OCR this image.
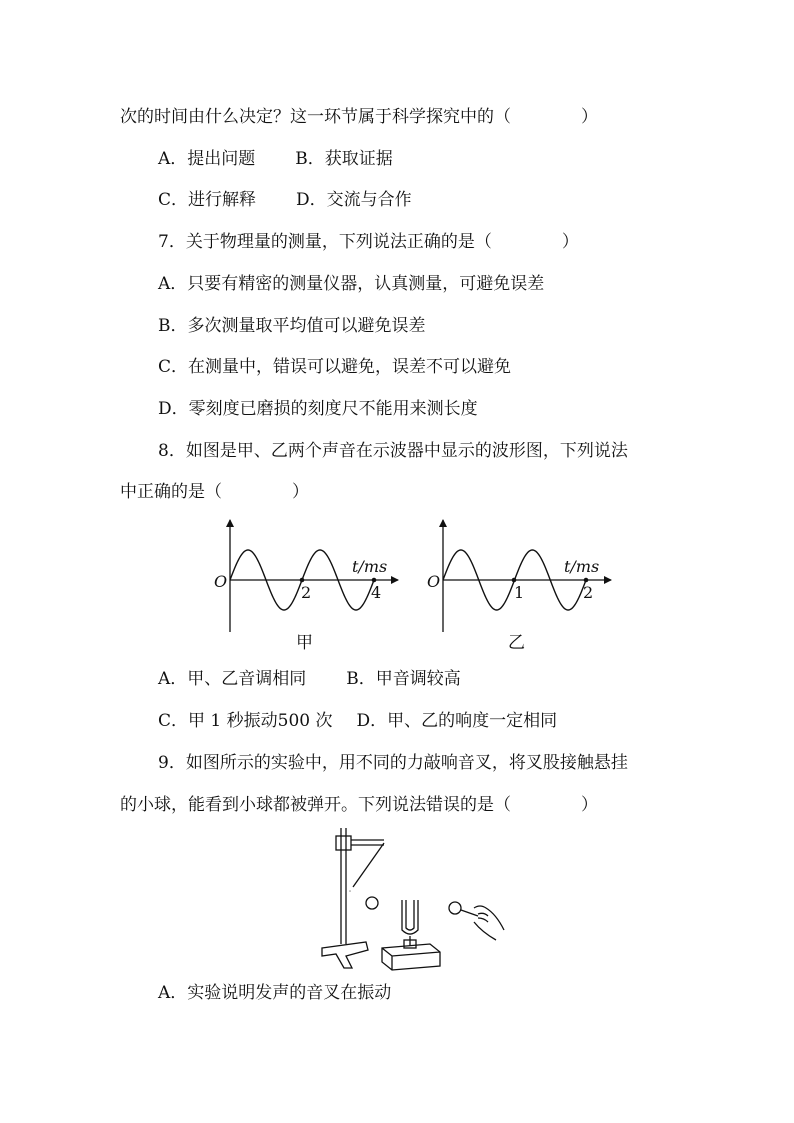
次的时间由什么决定？这一环节属于科学探究中的（	）
A．提出问题 B．获取证据
C．进行解释 D．交流与合作
7．关于物理量的测量，下列说法正确的是（	）
A．只要有精密的测量仪器，认真测量，可避免误差
B．多次测量取平均值可以避免误差
C．在测量中，错误可以避免，误差不可以避免
D．零刻度已磨损的刻度尺不能用来测长度
8．如图是甲、乙两个声音在示波器中显示的波形图，下列说法
中正确的是（	）
O
t/ms
2	4
甲
O
t/ms
1	2
乙
A．甲、乙音调相同 B．甲音调较高
C．甲 1 秒振动500 次 D．甲、乙的响度一定相同
9．如图所示的实验中，用不同的力敲响音叉，将叉股接触悬挂
的小球，能看到小球都被弹开。下列说法错误的是（	）
A．实验说明发声的音叉在振动
